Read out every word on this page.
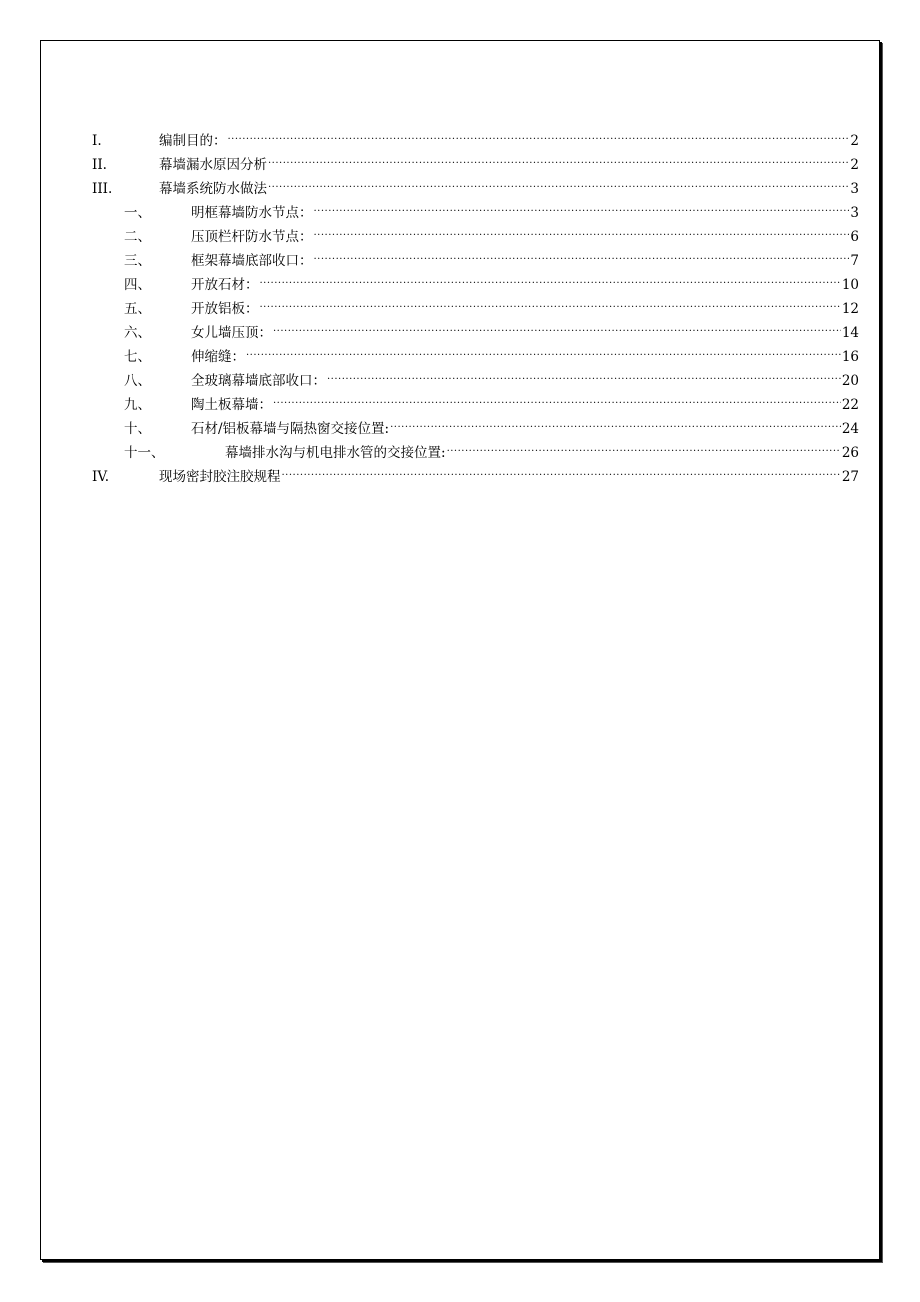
I.	编制目的： .....	2
II.	幕墙漏水原因分析 .....	2
III.	幕墙系统防水做法 .....	3
一、	明框幕墙防水节点： .....	3
二、	压顶栏杆防水节点： .....	6
三、	框架幕墙底部收口： .....	7
四、	开放石材： .....	10
五、	开放铝板： .....	12
六、	女儿墙压顶： .....	14
七、	伸缩缝： .....	16
八、	全玻璃幕墙底部收口： .....	20
九、	陶土板幕墙： .....	22
十、	石材/铝板幕墙与隔热窗交接位置: .....	24
十一、	幕墙排水沟与机电排水管的交接位置: .....	26
IV.	现场密封胶注胶规程 .....	27
